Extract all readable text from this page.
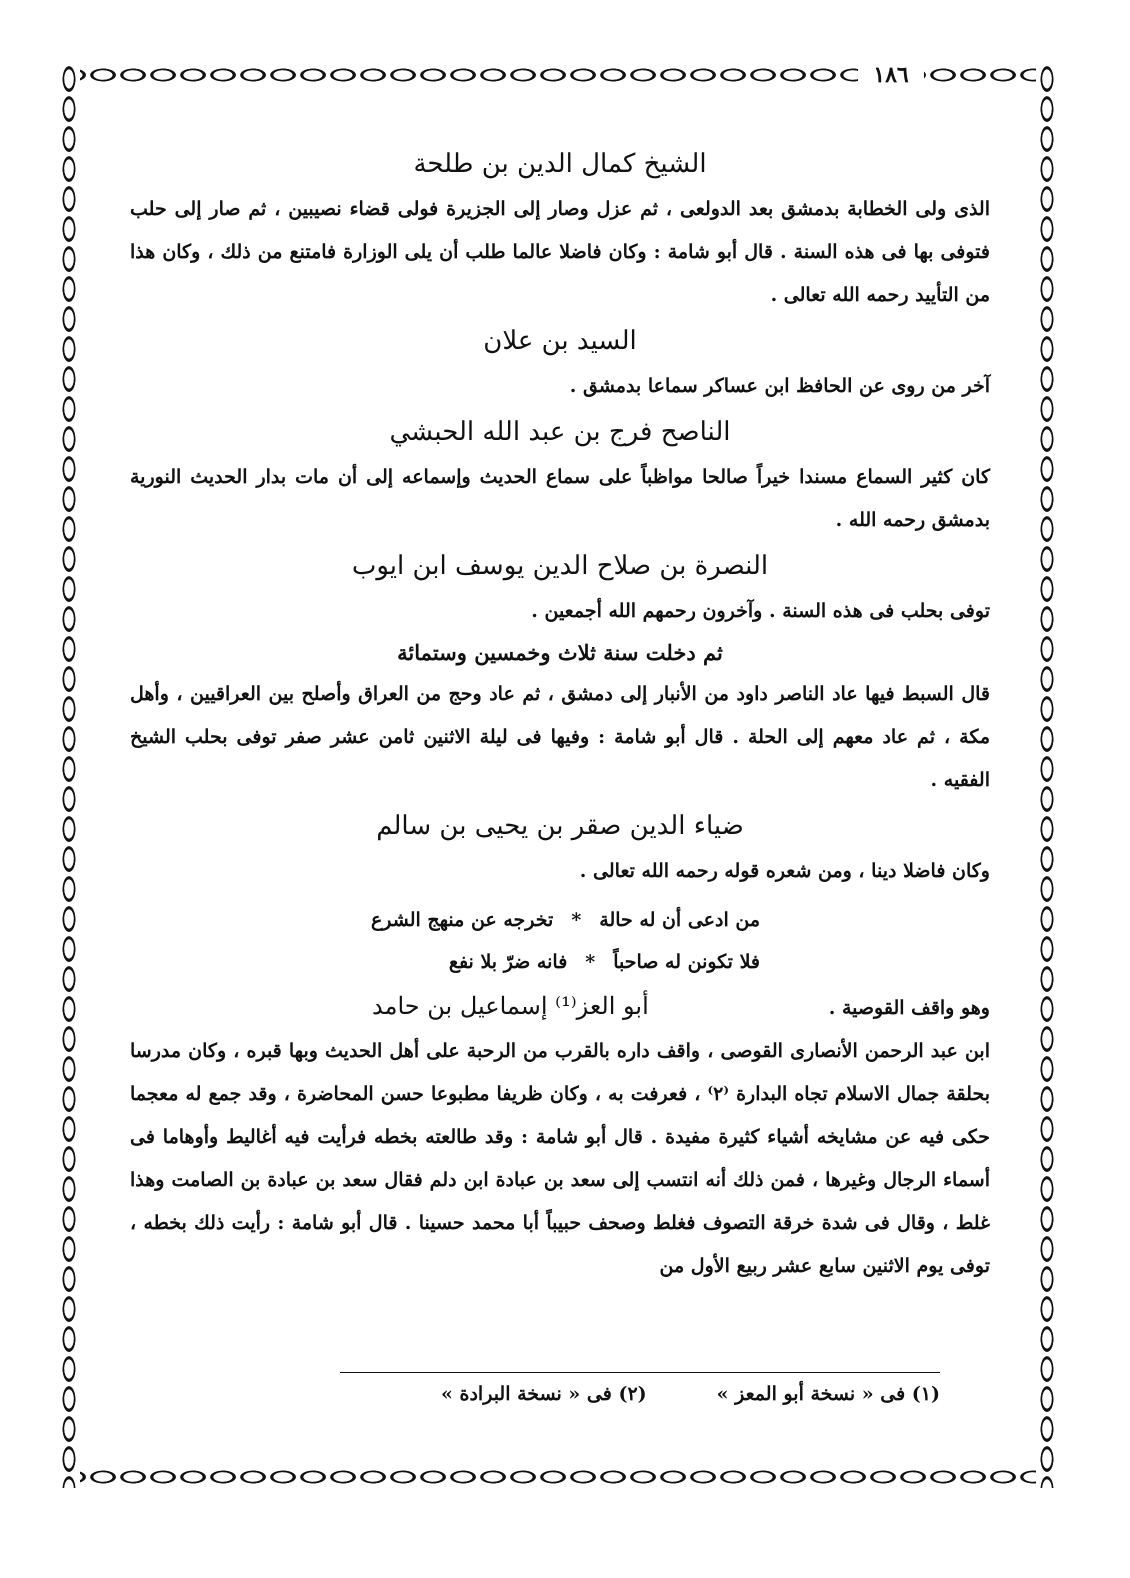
١٨٦
الشيخ كمال الدين بن طلحة

الذى ولى الخطابة بدمشق بعد الدولعى ، ثم عزل وصار إلى الجزيرة فولى قضاء نصيبين ، ثم صار إلى حلب فتوفى بها فى هذه السنة . قال أبو شامة : وكان فاضلا عالما طلب أن يلى الوزارة فامتنع من ذلك ، وكان هذا من التأييد رحمه الله تعالى .

السيد بن علان

آخر من روى عن الحافظ ابن عساكر سماعا بدمشق .

الناصح فرج بن عبد الله الحبشي

كان كثير السماع مسندا خيراً صالحا مواظباً على سماع الحديث وإسماعه إلى أن مات بدار الحديث النورية بدمشق رحمه الله .

النصرة بن صلاح الدين يوسف ابن ايوب

توفى بحلب فى هذه السنة . وآخرون رحمهم الله أجمعين .

ثم دخلت سنة ثلاث وخمسين وستمائة

قال السبط فيها عاد الناصر داود من الأنبار إلى دمشق ، ثم عاد وحج من العراق وأصلح بين العراقيين ، وأهل مكة ، ثم عاد معهم إلى الحلة . قال أبو شامة : وفيها فى ليلة الاثنين ثامن عشر صفر توفى بحلب الشيخ الفقيه .

ضياء الدين صقر بن يحيى بن سالم

وكان فاضلا دينا ، ومن شعره قوله رحمه الله تعالى .

من ادعى أن له حالة*تخرجه عن منهج الشرع
فلا تكونن له صاحباً*فانه ضرّ بلا نفع
وهو واقف القوصية .
أبو العز⁽¹⁾ إسماعيل بن حامد

ابن عبد الرحمن الأنصارى القوصى ، واقف داره بالقرب من الرحبة على أهل الحديث وبها قبره ، وكان مدرسا بحلقة جمال الاسلام تجاه البدارة ⁽٢⁾ ، فعرفت به ، وكان ظريفا مطبوعا حسن المحاضرة ، وقد جمع له معجما حكى فيه عن مشايخه أشياء كثيرة مفيدة . قال أبو شامة : وقد طالعته بخطه فرأيت فيه أغاليط وأوهاما فى أسماء الرجال وغيرها ، فمن ذلك أنه انتسب إلى سعد بن عبادة ابن دلم فقال سعد بن عبادة بن الصامت وهذا غلط ، وقال فى شدة خرقة التصوف فغلط وصحف حبيباً أبا محمد حسينا . قال أبو شامة : رأيت ذلك بخطه ، توفى يوم الاثنين سابع عشر ربيع الأول من

(١) فى « نسخة أبو المعز »
(٢) فى « نسخة البرادة »
